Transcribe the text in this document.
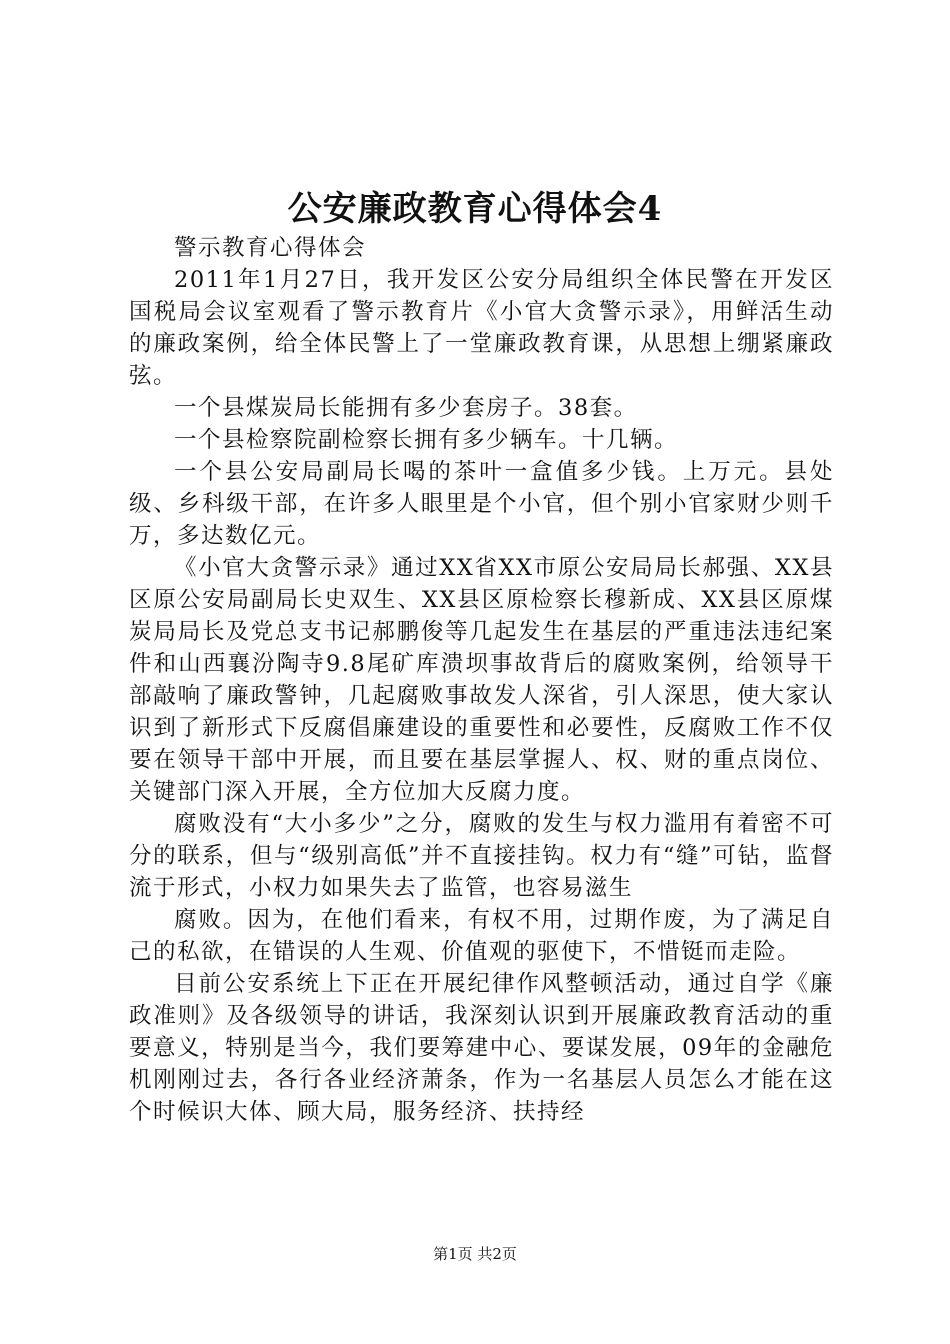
公安廉政教育心得体会4

警示教育心得体会

2011年1月27日，我开发区公安分局组织全体民警在开发区国税局会议室观看了警示教育片《小官大贪警示录》，用鲜活生动的廉政案例，给全体民警上了一堂廉政教育课，从思想上绷紧廉政弦。

一个县煤炭局长能拥有多少套房子。38套。

一个县检察院副检察长拥有多少辆车。十几辆。

一个县公安局副局长喝的茶叶一盒值多少钱。上万元。县处级、乡科级干部，在许多人眼里是个小官，但个别小官家财少则千万，多达数亿元。

《小官大贪警示录》通过XX省XX市原公安局局长郝强、XX县区原公安局副局长史双生、XX县区原检察长穆新成、XX县区原煤炭局局长及党总支书记郝鹏俊等几起发生在基层的严重违法违纪案件和山西襄汾陶寺9.8尾矿库溃坝事故背后的腐败案例，给领导干部敲响了廉政警钟，几起腐败事故发人深省，引人深思，使大家认识到了新形式下反腐倡廉建设的重要性和必要性，反腐败工作不仅要在领导干部中开展，而且要在基层掌握人、权、财的重点岗位、关键部门深入开展，全方位加大反腐力度。

腐败没有“大小多少”之分，腐败的发生与权力滥用有着密不可分的联系，但与“级别高低”并不直接挂钩。权力有“缝”可钻，监督流于形式，小权力如果失去了监管，也容易滋生

腐败。因为，在他们看来，有权不用，过期作废，为了满足自己的私欲，在错误的人生观、价值观的驱使下，不惜铤而走险。

目前公安系统上下正在开展纪律作风整顿活动，通过自学《廉政准则》及各级领导的讲话，我深刻认识到开展廉政教育活动的重要意义，特别是当今，我们要筹建中心、要谋发展，09年的金融危机刚刚过去，各行各业经济萧条，作为一名基层人员怎么才能在这个时候识大体、顾大局，服务经济、扶持经

第1页 共2页
